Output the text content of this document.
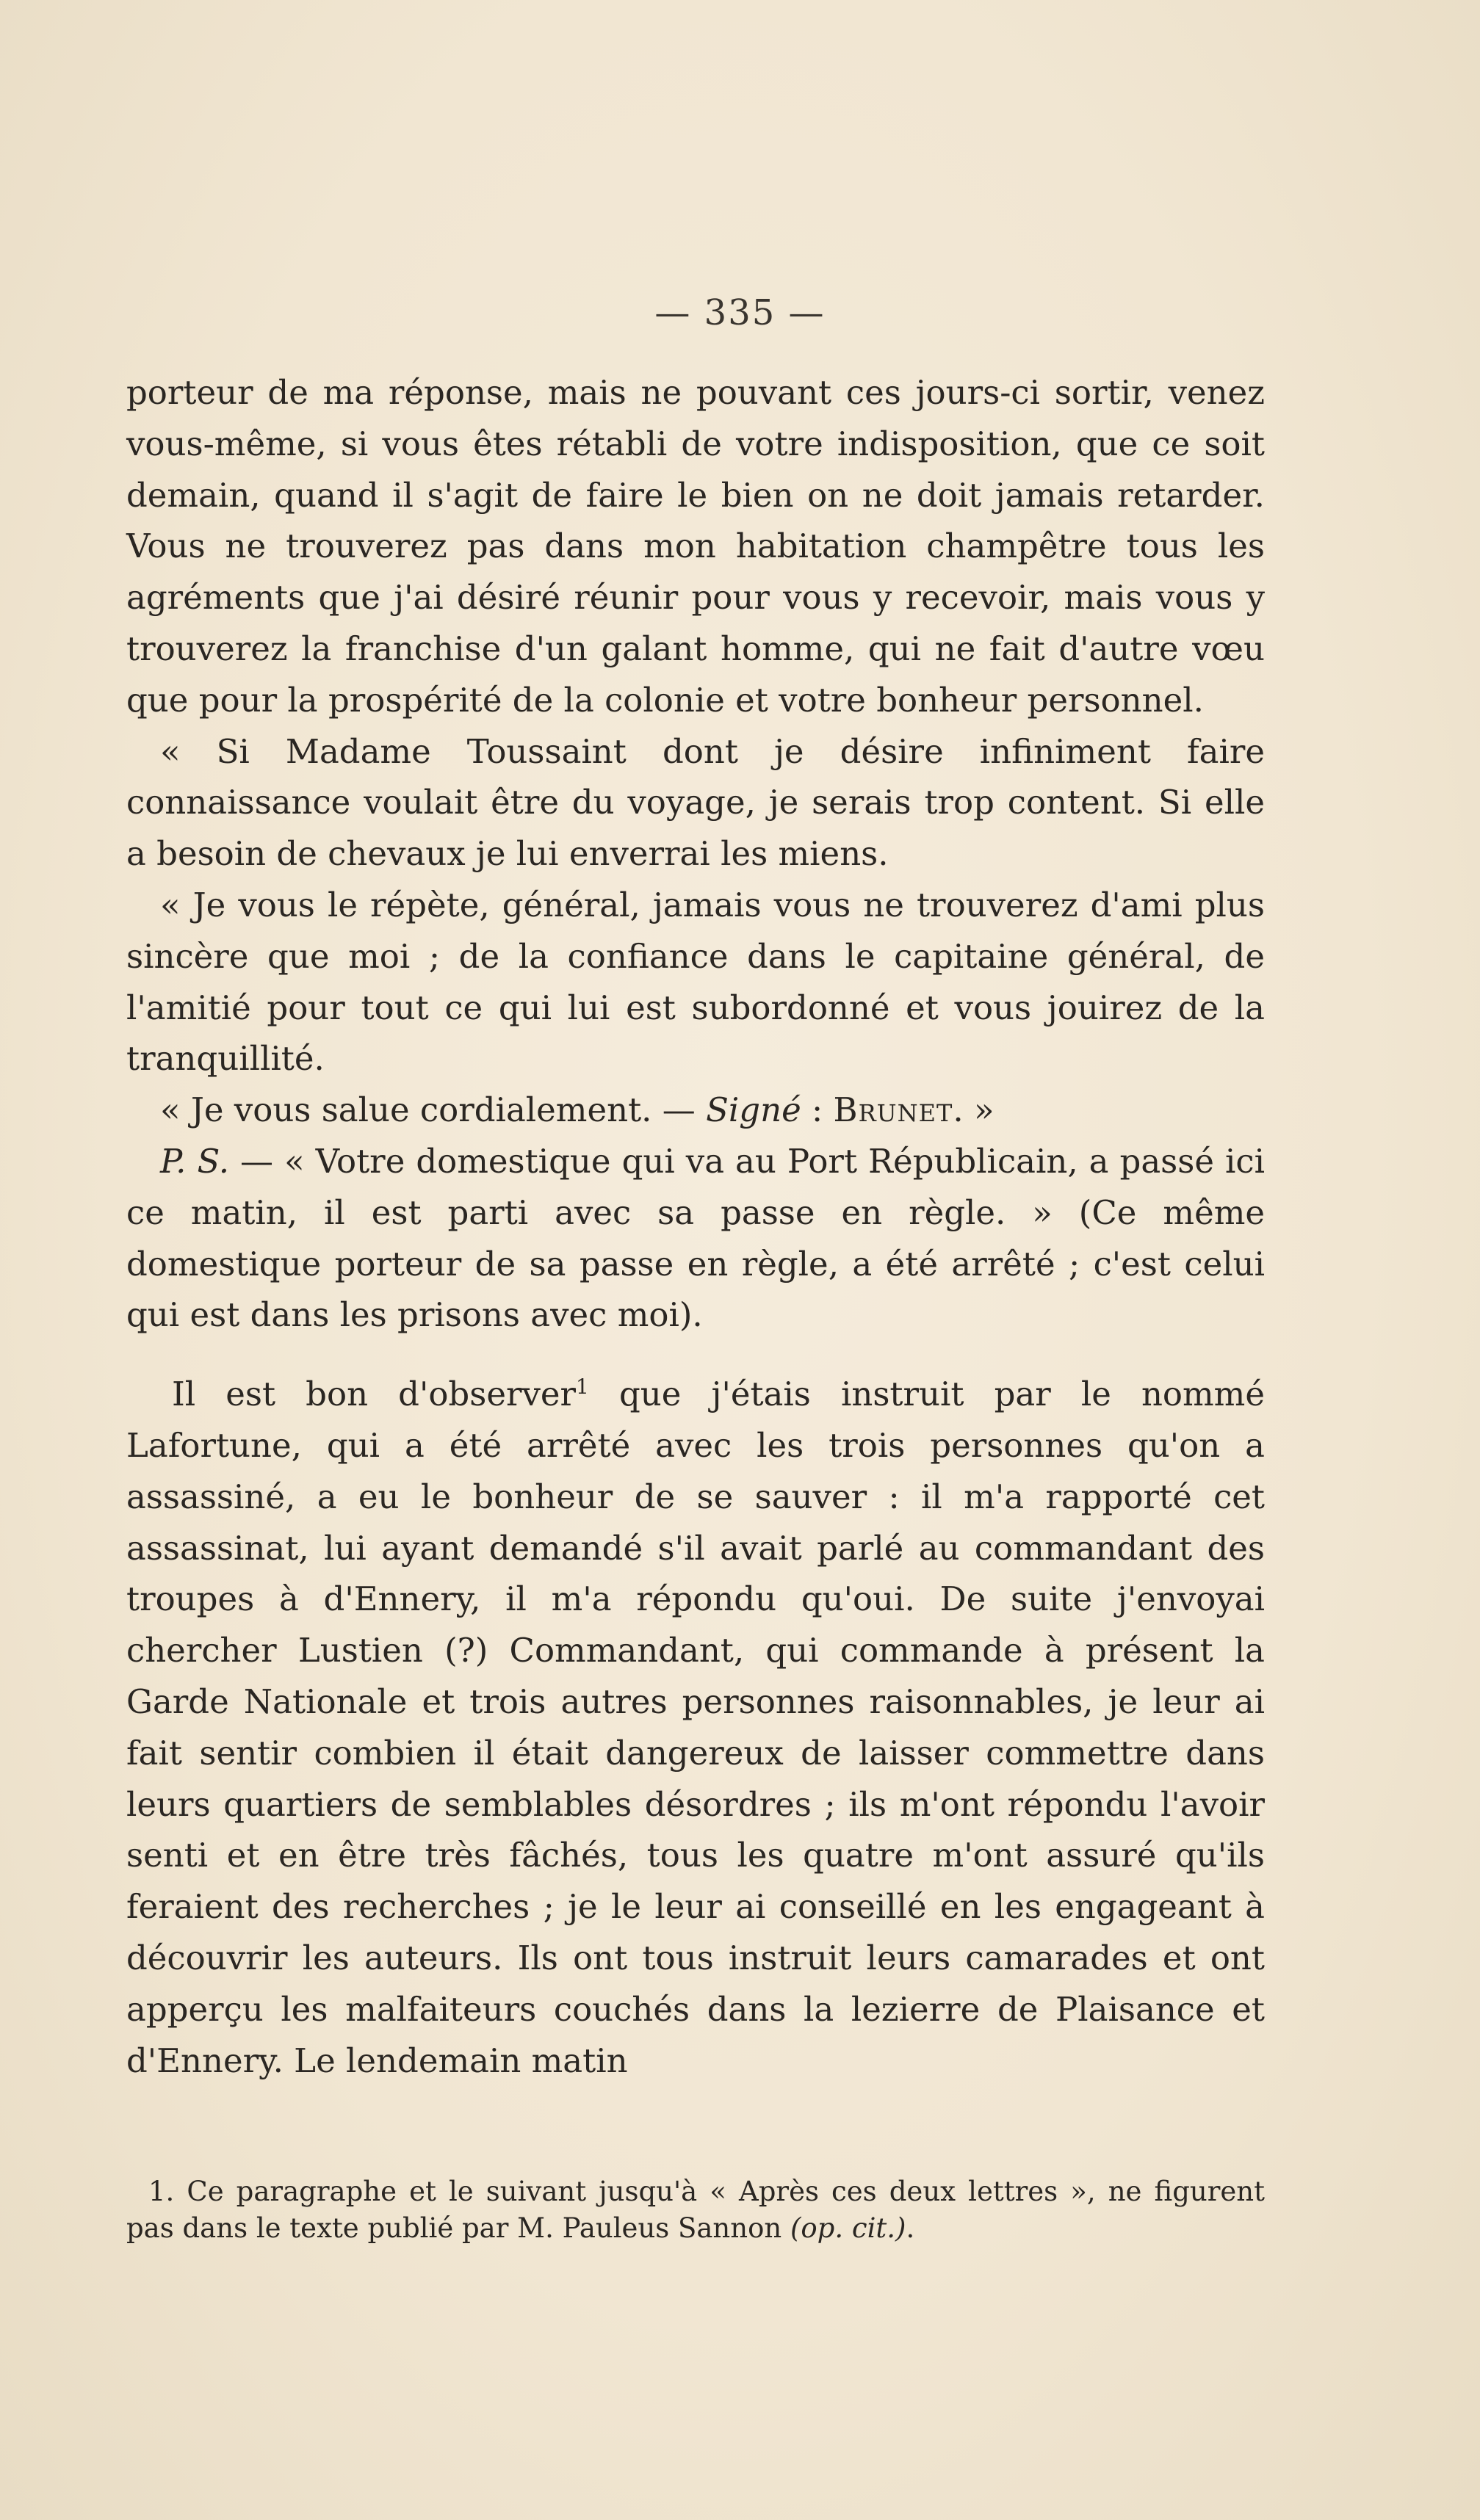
— 335 —

porteur de ma réponse, mais ne pouvant ces jours-ci sortir, venez vous-même, si vous êtes rétabli de votre indisposition, que ce soit demain, quand il s'agit de faire le bien on ne doit jamais retarder. Vous ne trouverez pas dans mon habitation champêtre tous les agréments que j'ai désiré réunir pour vous y recevoir, mais vous y trouverez la franchise d'un galant homme, qui ne fait d'autre vœu que pour la prospérité de la colonie et votre bonheur personnel.

« Si Madame Toussaint dont je désire infiniment faire connaissance voulait être du voyage, je serais trop content. Si elle a besoin de chevaux je lui enverrai les miens.

« Je vous le répète, général, jamais vous ne trouverez d'ami plus sincère que moi ; de la confiance dans le capitaine général, de l'amitié pour tout ce qui lui est subordonné et vous jouirez de la tranquillité.

« Je vous salue cordialement. — Signé : Brunet. »

P. S. — « Votre domestique qui va au Port Républicain, a passé ici ce matin, il est parti avec sa passe en règle. » (Ce même domestique porteur de sa passe en règle, a été arrêté ; c'est celui qui est dans les prisons avec moi).

Il est bon d'observer$^1$ que j'étais instruit par le nommé Lafortune, qui a été arrêté avec les trois personnes qu'on a assassiné, a eu le bonheur de se sauver : il m'a rapporté cet assassinat, lui ayant demandé s'il avait parlé au commandant des troupes à d'Ennery, il m'a répondu qu'oui. De suite j'envoyai chercher Lustien (?) Commandant, qui commande à présent la Garde Nationale et trois autres personnes raisonnables, je leur ai fait sentir combien il était dangereux de laisser commettre dans leurs quartiers de semblables désordres ; ils m'ont répondu l'avoir senti et en être très fâchés, tous les quatre m'ont assuré qu'ils feraient des recherches ; je le leur ai conseillé en les engageant à découvrir les auteurs. Ils ont tous instruit leurs camarades et ont apperçu les malfaiteurs couchés dans la lezierre de Plaisance et d'Ennery. Le lendemain matin

1. Ce paragraphe et le suivant jusqu'à « Après ces deux lettres », ne figurent pas dans le texte publié par M. Pauleus Sannon (op. cit.).
